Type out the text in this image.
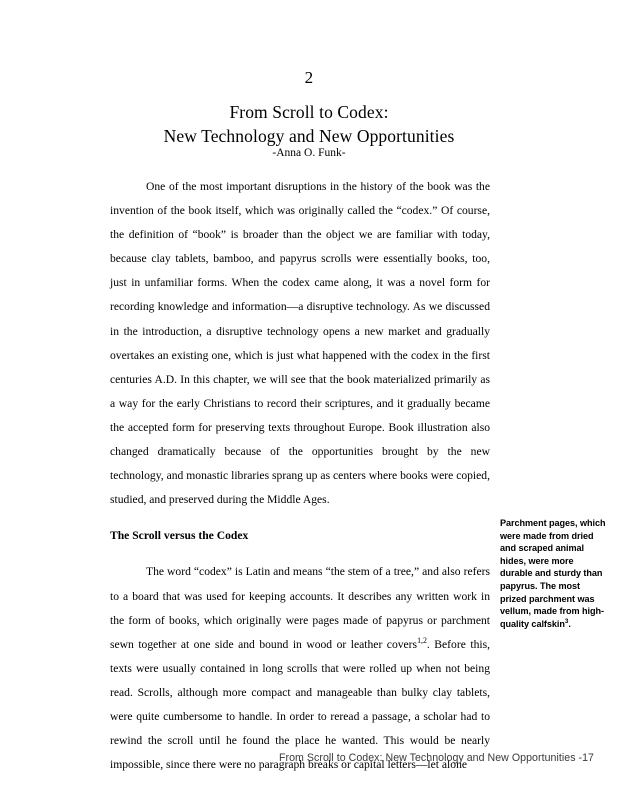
2
From Scroll to Codex:
New Technology and New Opportunities
-Anna O. Funk-

One of the most important disruptions in the history of the book was the invention of the book itself, which was originally called the “codex.” Of course, the definition of “book” is broader than the object we are familiar with today, because clay tablets, bamboo, and papyrus scrolls were essentially books, too, just in unfamiliar forms. When the codex came along, it was a novel form for recording knowledge and information—a disruptive technology. As we discussed in the introduction, a disruptive technology opens a new market and gradually overtakes an existing one, which is just what happened with the codex in the first centuries A.D. In this chapter, we will see that the book materialized primarily as a way for the early Christians to record their scriptures, and it gradually became the accepted form for preserving texts throughout Europe. Book illustration also changed dramatically because of the opportunities brought by the new technology, and monastic libraries sprang up as centers where books were copied, studied, and preserved during the Middle Ages.

The Scroll versus the Codex

The word “codex” is Latin and means “the stem of a tree,” and also refers to a board that was used for keeping accounts. It describes any written work in the form of books, which originally were pages made of papyrus or parchment sewn together at one side and bound in wood or leather covers$^{1,2}$. Before this, texts were usually contained in long scrolls that were rolled up when not being read. Scrolls, although more compact and manageable than bulky clay tablets, were quite cumbersome to handle. In order to reread a passage, a scholar had to rewind the scroll until he found the place he wanted. This would be nearly impossible, since there were no paragraph breaks or capital letters—let alone

Parchment pages, which were made from dried and scraped animal hides, were more durable and sturdy than papyrus. The most prized parchment was vellum, made from high-quality calfskin$^3$.
From Scroll to Codex: New Technology and New Opportunities -17
